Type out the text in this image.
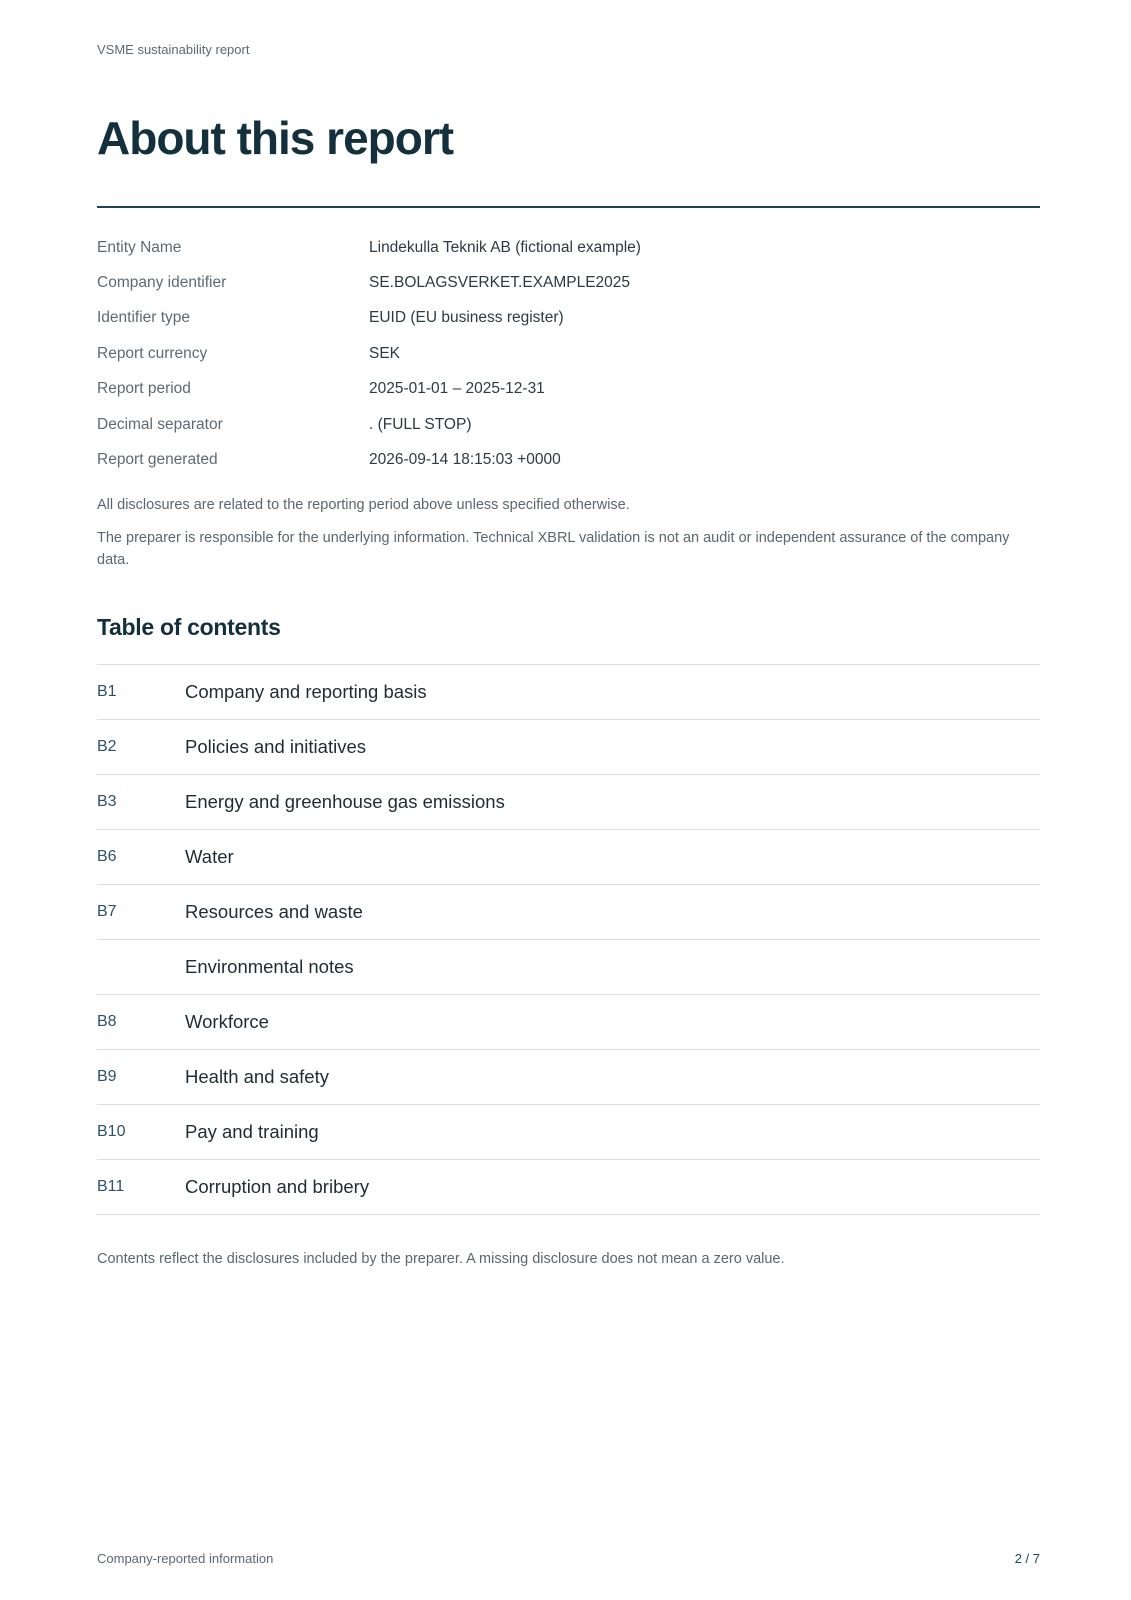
VSME sustainability report
About this report
Entity Name	Lindekulla Teknik AB (fictional example)
Company identifier	SE.BOLAGSVERKET.EXAMPLE2025
Identifier type	EUID (EU business register)
Report currency	SEK
Report period	2025-01-01 – 2025-12-31
Decimal separator	. (FULL STOP)
Report generated	2026-09-14 18:15:03 +0000

All disclosures are related to the reporting period above unless specified otherwise.

The preparer is responsible for the underlying information. Technical XBRL validation is not an audit or independent assurance of the company data.

Table of contents
B1	Company and reporting basis
B2	Policies and initiatives
B3	Energy and greenhouse gas emissions
B6	Water
B7	Resources and waste
Environmental notes
B8	Workforce
B9	Health and safety
B10	Pay and training
B11	Corruption and bribery

Contents reflect the disclosures included by the preparer. A missing disclosure does not mean a zero value.

Company-reported information	2 / 7
